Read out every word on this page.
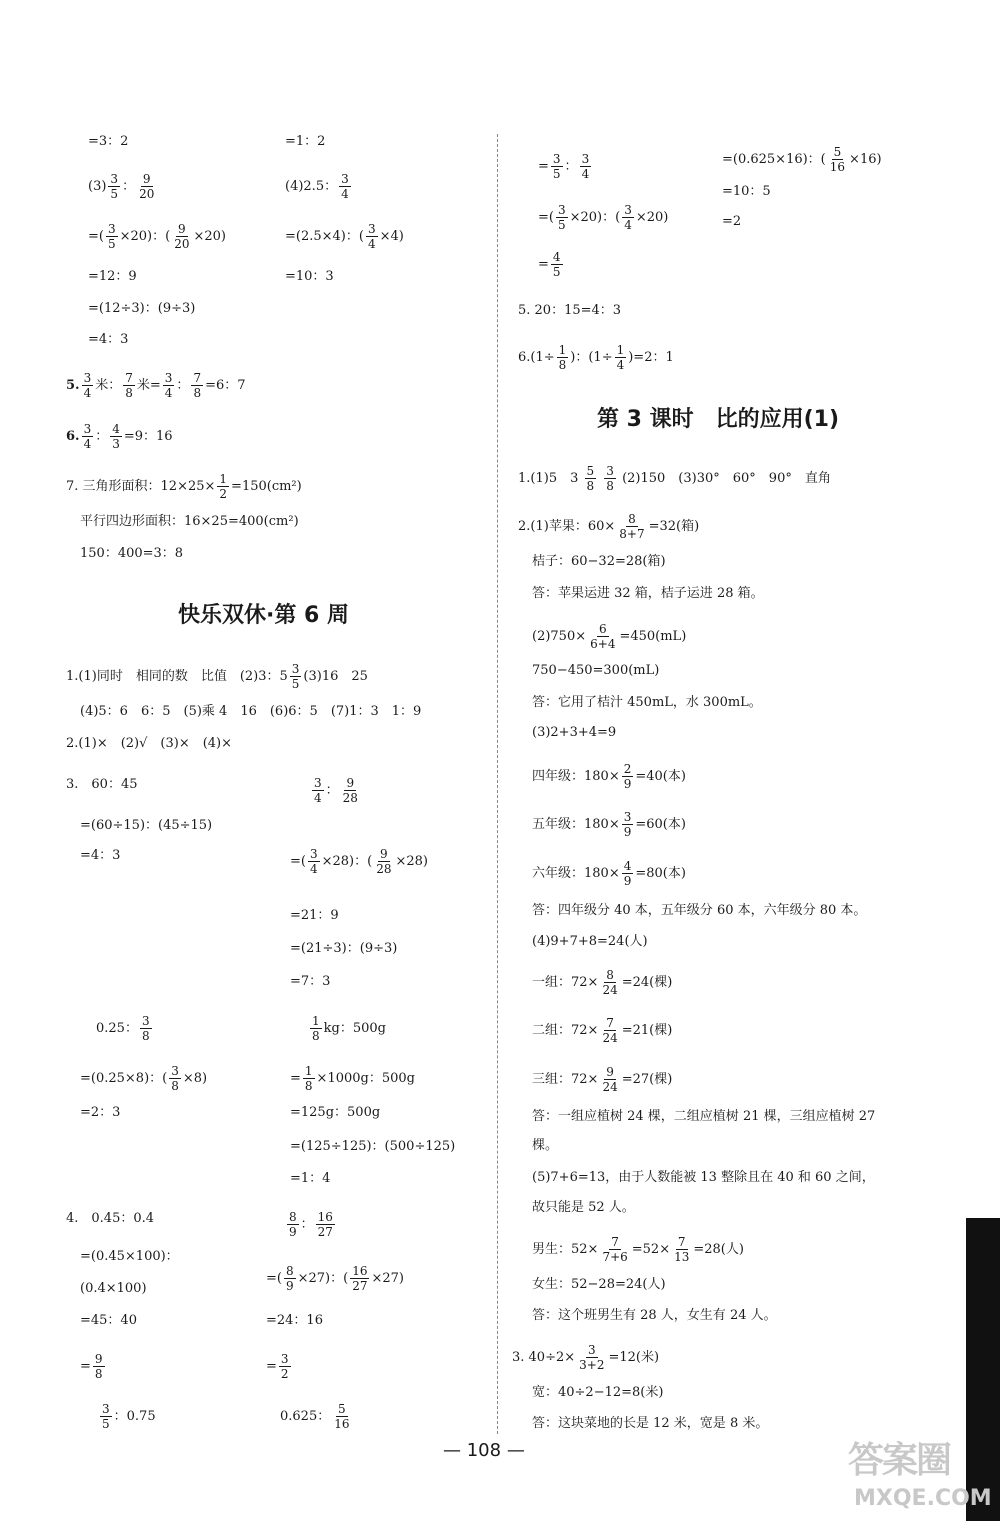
=3：2	=1：2
$(3) \frac{3}{5}$ ： $\frac{9}{20}$	(4)2.5： $\frac{3}{4}$
=( $\frac{3}{5} \times 20$)：( $\frac{9}{20} \times 20$)	=(2.5×4)：( $\frac{3}{4} \times 4$)
=12：9	=10：3
=(12÷3)：(9÷3)
=4：3
5. $\frac{3}{4}$ 米： $\frac{7}{8}$ 米= $\frac{3}{4}$ ： $\frac{7}{8} =6$：7
6. $\frac{3}{4}$ ： $\frac{4}{3} =9$：16
7. 三角形面积：$12\times 25\times \frac{1}{2} =150(cm^2)$
平行四边形面积：16×25=400(cm²)
150：400=3：8
快乐双休·第 6 周
1.(1)同时　相同的数　比值　(2)3：$5 \frac{3}{5} (3)16$　25
(4)5：6　6：5　(5)乘 4　16　(6)6：5　(7)1：3　1：9
2.(1)×　(2)√　(3)×　(4)×
3.　60：45	$\frac{3}{4}$ ： $\frac{9}{28}$
=(60÷15)：(45÷15)
=4：3	=( $\frac{3}{4} \times 28$)：( $\frac{9}{28} \times 28$)
=21：9
=(21÷3)：(9÷3)
=7：3
0.25： $\frac{3}{8}$	$\frac{1}{8}$ kg：500g
=(0.25×8)：( $\frac{3}{8} \times 8$)	= $\frac{1}{8} \times 1000g$：500g
=2：3	=125g：500g
=(125÷125)：(500÷125)
=1：4
4.　0.45：0.4	$\frac{8}{9}$ ： $\frac{16}{27}$
=(0.45×100)：
(0.4×100)
=( $\frac{8}{9} \times 27$)：( $\frac{16}{27} \times 27$)
=45：40	=24：16
= $\frac{9}{8}$	= $\frac{3}{2}$
$\frac{3}{5}$ ：0.75	0.625： $\frac{5}{16}$
= $\frac{3}{5}$ ： $\frac{3}{4}$	=(0.625×16)：( $\frac{5}{16} \times 16$)
=10：5
=( $\frac{3}{5} \times 20$)：( $\frac{3}{4} \times 20$)	=2
= $\frac{4}{5}$
5. 20：15=4：3
$6.(1\div \frac{1}{8}$ )：$(1\div \frac{1}{4} )=2$：1
第 3 课时　比的应用(1)
1.(1)5　$3 \frac{5}{8}$
$\frac{3}{8} (2)150$　(3)30°　60°　90°　直角
2.(1)苹果：$60\times \frac{8}{8+7} =32$(箱)
桔子：60−32=28(箱)
答：苹果运进 32 箱，桔子运进 28 箱。
$(2)750\times \frac{6}{6+4} =450(mL)$
750−450=300(mL)
答：它用了桔汁 450mL，水 300mL。
(3)2+3+4=9
四年级：$180\times \frac{2}{9} =40$(本)
五年级：$180\times \frac{3}{9} =60$(本)
六年级：$180\times \frac{4}{9} =80$(本)
答：四年级分 40 本，五年级分 60 本，六年级分 80 本。
(4)9+7+8=24(人)
一组：$72\times \frac{8}{24} =24$(棵)
二组：$72\times \frac{7}{24} =21$(棵)
三组：$72\times \frac{9}{24} =27$(棵)
答：一组应植树 24 棵，二组应植树 21 棵，三组应植树 27
棵。
(5)7+6=13，由于人数能被 13 整除且在 40 和 60 之间，
故只能是 52 人。
男生：$52\times \frac{7}{7+6} =52\times \frac{7}{13} =28$(人)
女生：52−28=24(人)
答：这个班男生有 28 人，女生有 24 人。
3. $40\div 2\times \frac{3}{3+2} =12$(米)
宽：40÷2−12=8(米)
答：这块菜地的长是 12 米，宽是 8 米。
— 108 —	答案圈
MXQE.COM
